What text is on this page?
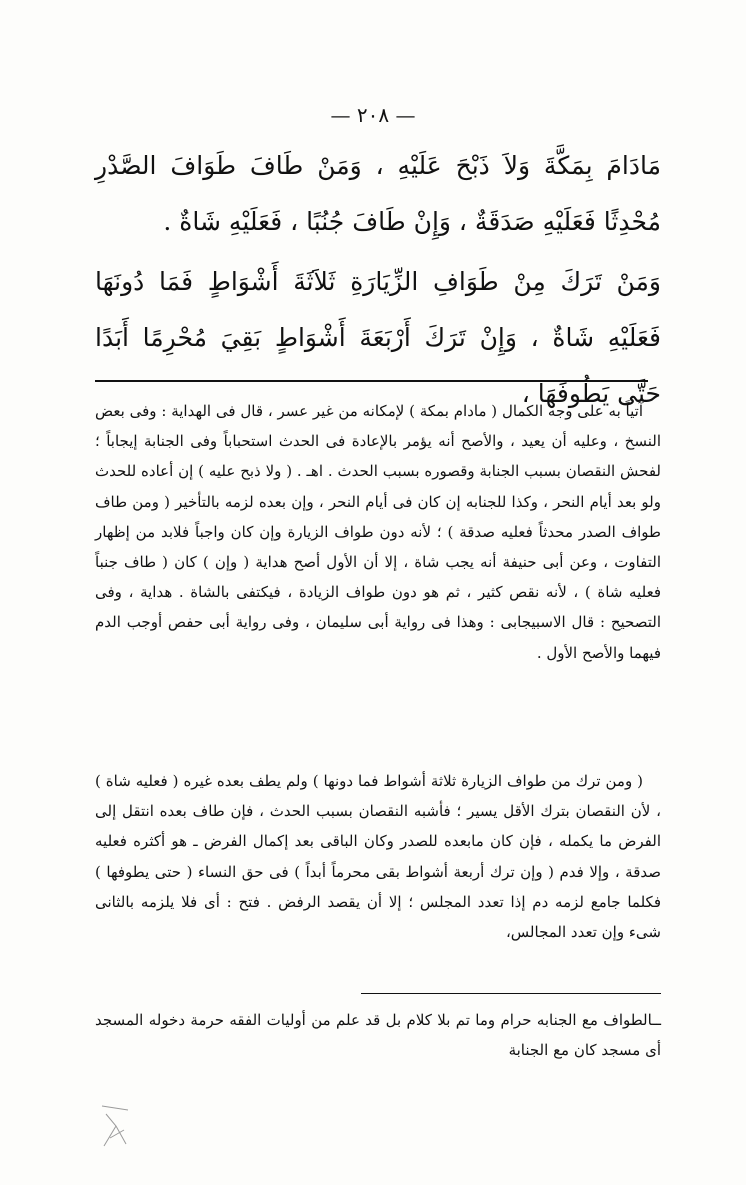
— ٢٠٨ —

مَادَامَ بِمَكَّةَ وَلاَ ذَبْحَ عَلَيْهِ ، وَمَنْ طَافَ طَوَافَ الصَّدْرِ مُحْدِثًا فَعَلَيْهِ صَدَقَةٌ ، وَإِنْ طَافَ جُنُبًا ، فَعَلَيْهِ شَاةٌ .

وَمَنْ تَرَكَ مِنْ طَوَافِ الزِّيَارَةِ ثَلاَثَةَ أَشْوَاطٍ فَمَا دُونَهَا فَعَلَيْهِ شَاةٌ ، وَإِنْ تَرَكَ أَرْبَعَةَ أَشْوَاطٍ بَقِيَ مُحْرِمًا أَبَدًا حَتَّى يَطُوفَهَا ،

آتياً به على وجه الكمال ( مادام بمكة ) لإمكانه من غير عسر ، قال فى الهداية : وفى بعض النسخ ، وعليه أن يعيد ، والأصح أنه يؤمر بالإعادة فى الحدث استحباباً وفى الجنابة إيجاباً ؛ لفحش النقصان بسبب الجنابة وقصوره بسبب الحدث . اهـ . ( ولا ذبح عليه ) إن أعاده للحدث ولو بعد أيام النحر ، وكذا للجنابه إن كان فى أيام النحر ، وإن بعده لزمه بالتأخير ( ومن طاف طواف الصدر محدثاً فعليه صدقة ) ؛ لأنه دون طواف الزيارة وإن كان واجباً فلابد من إظهار التفاوت ، وعن أبى حنيفة أنه يجب شاة ، إلا أن الأول أصح هداية ( وإن ) كان ( طاف جنباً فعليه شاة ) ، لأنه نقص كثير ، ثم هو دون طواف الزيادة ، فيكتفى بالشاة . هداية ، وفى التصحيح : قال الاسبيجابى : وهذا فى رواية أبى سليمان ، وفى رواية أبى حفص أوجب الدم فيهما والأصح الأول .

( ومن ترك من طواف الزيارة ثلاثة أشواط فما دونها ) ولم يطف بعده غيره ( فعليه شاة ) ، لأن النقصان بترك الأقل يسير ؛ فأشبه النقصان بسبب الحدث ، فإن طاف بعده انتقل إلى الفرض ما يكمله ، فإن كان مابعده للصدر وكان الباقى بعد إكمال الفرض ـ هو أكثره فعليه صدقة ، وإلا فدم ( وإن ترك أربعة أشواط بقى محرماً أبداً ) فى حق النساء ( حتى يطوفها ) فكلما جامع لزمه دم إذا تعدد المجلس ؛ إلا أن يقصد الرفض . فتح : أى فلا يلزمه بالثانى شىء وإن تعدد المجالس،

ــالطواف مع الجنابه حرام وما تم بلا كلام بل قد علم من أوليات الفقه حرمة دخوله المسجد أى مسجد كان مع الجنابة
